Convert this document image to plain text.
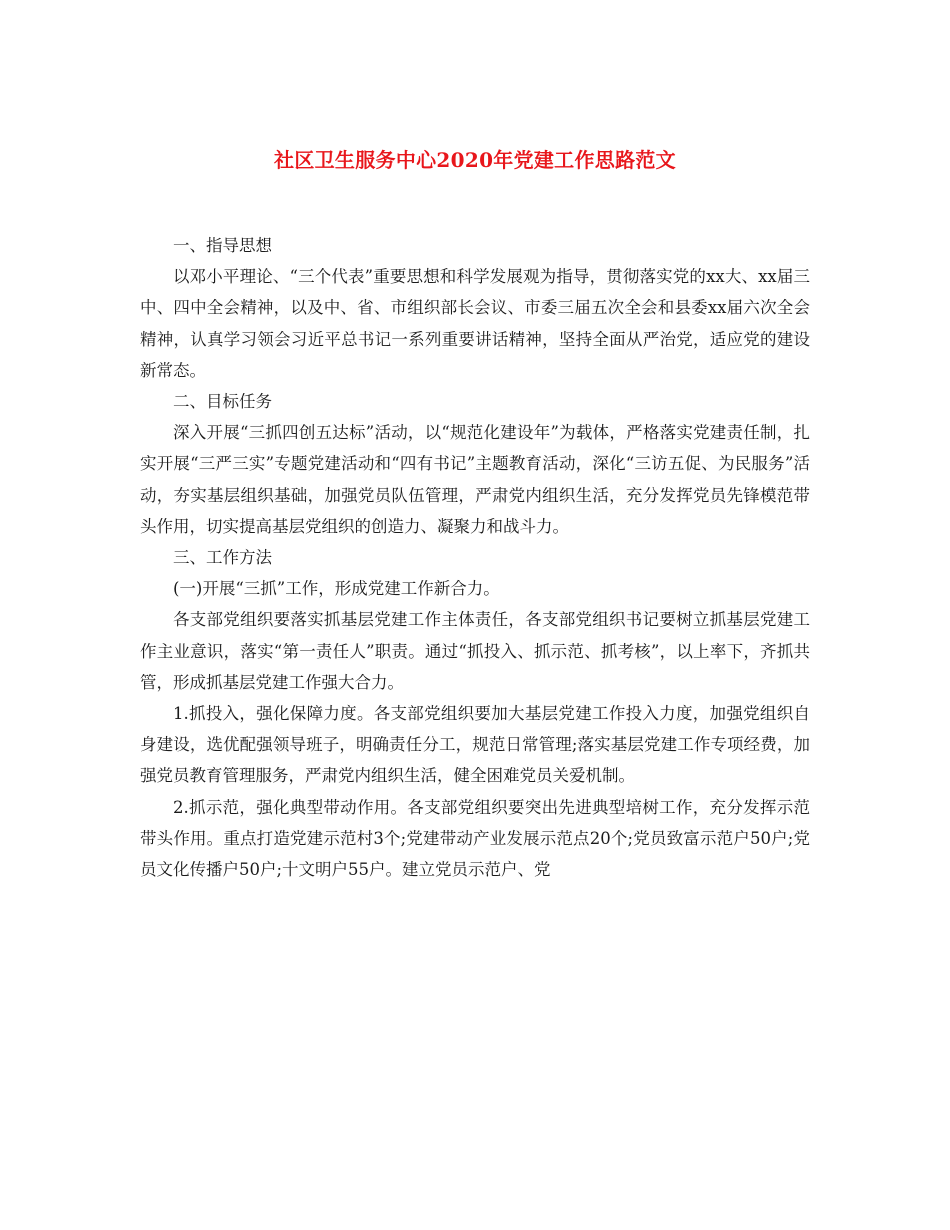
社区卫生服务中心2020年党建工作思路范文

一、指导思想

以邓小平理论、“三个代表”重要思想和科学发展观为指导，贯彻落实党的xx大、xx届三中、四中全会精神，以及中、省、市组织部长会议、市委三届五次全会和县委xx届六次全会精神，认真学习领会习近平总书记一系列重要讲话精神，坚持全面从严治党，适应党的建设新常态。

二、目标任务

深入开展“三抓四创五达标”活动，以“规范化建设年”为载体，严格落实党建责任制，扎实开展“三严三实”专题党建活动和“四有书记”主题教育活动，深化“三访五促、为民服务”活动，夯实基层组织基础，加强党员队伍管理，严肃党内组织生活，充分发挥党员先锋模范带头作用，切实提高基层党组织的创造力、凝聚力和战斗力。

三、工作方法

(一)开展“三抓”工作，形成党建工作新合力。

各支部党组织要落实抓基层党建工作主体责任，各支部党组织书记要树立抓基层党建工作主业意识，落实“第一责任人”职责。通过“抓投入、抓示范、抓考核”，以上率下，齐抓共管，形成抓基层党建工作强大合力。

1.抓投入，强化保障力度。各支部党组织要加大基层党建工作投入力度，加强党组织自身建设，选优配强领导班子，明确责任分工，规范日常管理;落实基层党建工作专项经费，加强党员教育管理服务，严肃党内组织生活，健全困难党员关爱机制。

2.抓示范，强化典型带动作用。各支部党组织要突出先进典型培树工作，充分发挥示范带头作用。重点打造党建示范村3个;党建带动产业发展示范点20个;党员致富示范户50户;党员文化传播户50户;十文明户55户。建立党员示范户、党
